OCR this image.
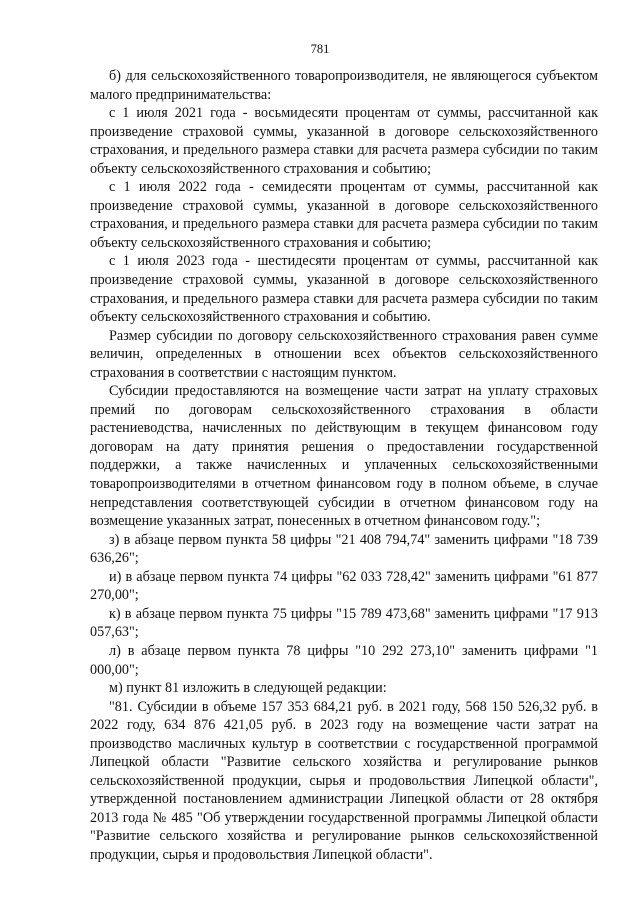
781

б) для сельскохозяйственного товаропроизводителя, не являющегося субъектом малого предпринимательства:

с 1 июля 2021 года - восьмидесяти процентам от суммы, рассчитанной как произведение страховой суммы, указанной в договоре сельскохозяйственного страхования, и предельного размера ставки для расчета размера субсидии по таким объекту сельскохозяйственного страхования и событию;

с 1 июля 2022 года - семидесяти процентам от суммы, рассчитанной как произведение страховой суммы, указанной в договоре сельскохозяйственного страхования, и предельного размера ставки для расчета размера субсидии по таким объекту сельскохозяйственного страхования и событию;

с 1 июля 2023 года - шестидесяти процентам от суммы, рассчитанной как произведение страховой суммы, указанной в договоре сельскохозяйственного страхования, и предельного размера ставки для расчета размера субсидии по таким объекту сельскохозяйственного страхования и событию.

Размер субсидии по договору сельскохозяйственного страхования равен сумме величин, определенных в отношении всех объектов сельскохозяйственного страхования в соответствии с настоящим пунктом.

Субсидии предоставляются на возмещение части затрат на уплату страховых премий по договорам сельскохозяйственного страхования в области растениеводства, начисленных по действующим в текущем финансовом году договорам на дату принятия решения о предоставлении государственной поддержки, а также начисленных и уплаченных сельскохозяйственными товаропроизводителями в отчетном финансовом году в полном объеме, в случае непредставления соответствующей субсидии в отчетном финансовом году на возмещение указанных затрат, понесенных в отчетном финансовом году.";

з) в абзаце первом пункта 58 цифры "21 408 794,74" заменить цифрами "18 739 636,26";

и) в абзаце первом пункта 74 цифры "62 033 728,42" заменить цифрами "61 877 270,00";

к) в абзаце первом пункта 75 цифры "15 789 473,68" заменить цифрами "17 913 057,63";

л) в абзаце первом пункта 78 цифры "10 292 273,10" заменить цифрами "1 000,00";

м) пункт 81 изложить в следующей редакции:

"81. Субсидии в объеме 157 353 684,21 руб. в 2021 году, 568 150 526,32 руб. в 2022 году, 634 876 421,05 руб. в 2023 году на возмещение части затрат на производство масличных культур в соответствии с государственной программой Липецкой области "Развитие сельского хозяйства и регулирование рынков сельскохозяйственной продукции, сырья и продовольствия Липецкой области", утвержденной постановлением администрации Липецкой области от 28 октября 2013 года № 485 "Об утверждении государственной программы Липецкой области "Развитие сельского хозяйства и регулирование рынков сельскохозяйственной продукции, сырья и продовольствия Липецкой области".
